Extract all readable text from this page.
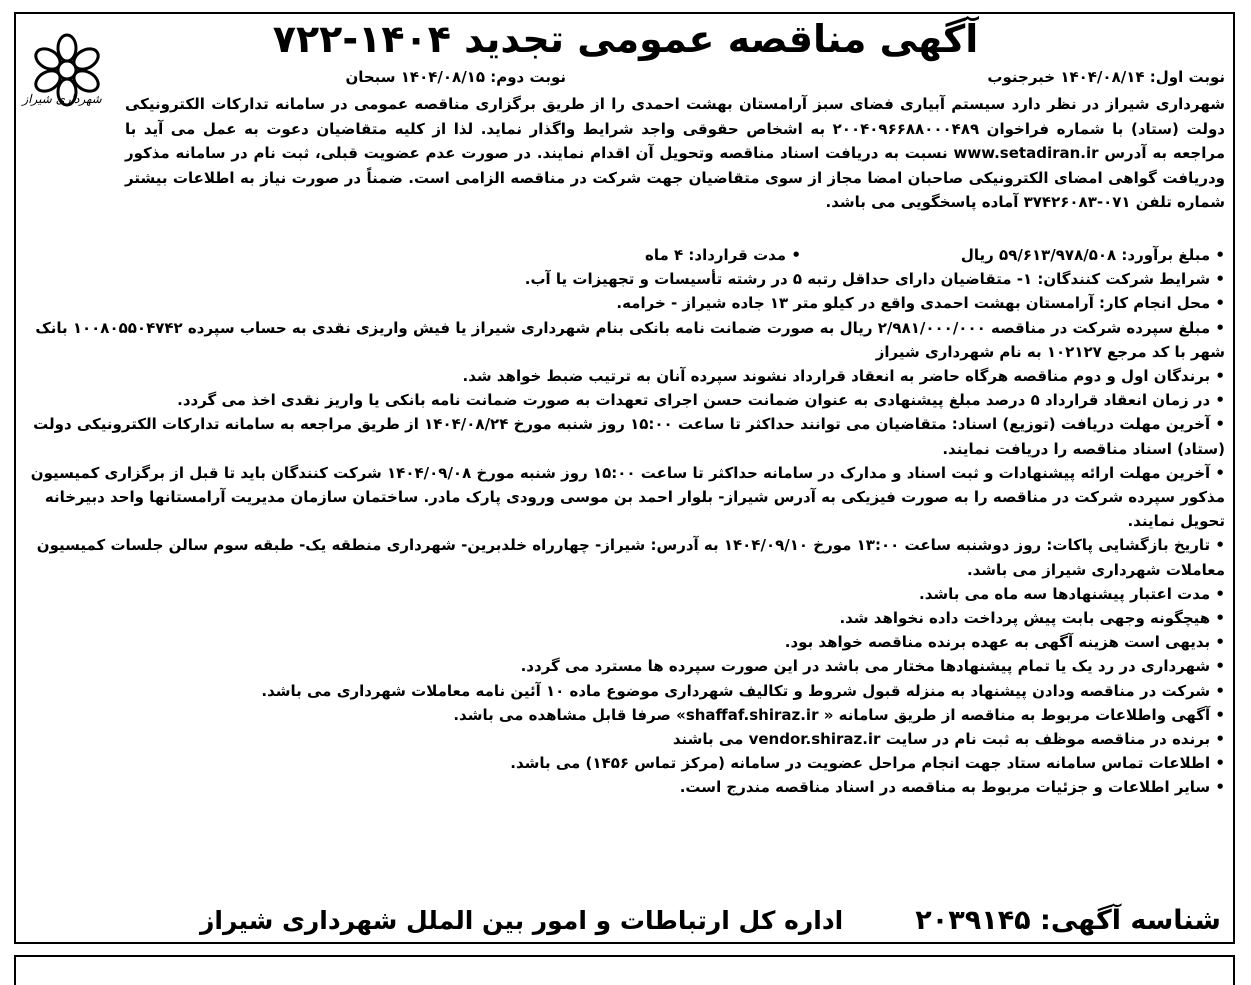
شهرداری شیراز
آگهی مناقصه عمومی تجدید ۱۴۰۴-۷۲۲
نوبت اول: ۱۴۰۴/۰۸/۱۴ خبرجنوب
نوبت دوم: ۱۴۰۴/۰۸/۱۵ سبحان
شهرداری شیراز در نظر دارد سیستم آبیاری فضای سبز آرامستان بهشت احمدی را از طریق برگزاری مناقصه عمومی در سامانه تدارکات الکترونیکی دولت (ستاد) با شماره فراخوان ۲۰۰۴۰۹۶۶۸۸۰۰۰۴۸۹ به اشخاص حقوقی واجد شرایط واگذار نماید. لذا از کلیه متقاضیان دعوت به عمل می آید با مراجعه به آدرس www.setadiran.ir نسبت به دریافت اسناد مناقصه وتحویل آن اقدام نمایند. در صورت عدم عضویت قبلی، ثبت نام در سامانه مذکور ودریافت گواهی امضای الکترونیکی صاحبان امضا مجاز از سوی متقاضیان جهت شرکت در مناقصه الزامی است. ضمناً در صورت نیاز به اطلاعات بیشتر شماره تلفن ۰۷۱-۳۷۴۲۶۰۸۳ آماده پاسخگویی می باشد.
• مبلغ برآورد: ۵۹/۶۱۳/۹۷۸/۵۰۸ ریال
• مدت قرارداد: ۴ ماه
• شرایط شرکت کنندگان: ۱- متقاضیان دارای حداقل رتبه ۵ در رشته تأسیسات و تجهیزات یا آب.
• محل انجام کار: آرامستان بهشت احمدی واقع در کیلو متر ۱۳ جاده شیراز - خرامه.
• مبلغ سپرده شرکت در مناقصه ۲/۹۸۱/۰۰۰/۰۰۰ ریال به صورت ضمانت نامه بانکی بنام شهرداری شیراز یا فیش واریزی نقدی به حساب سپرده ۱۰۰۸۰۵۵۰۴۷۴۲ بانک شهر با کد مرجع ۱۰۲۱۲۷ به نام شهرداری شیراز
• برندگان اول و دوم مناقصه هرگاه حاضر به انعقاد قرارداد نشوند سپرده آنان به ترتیب ضبط خواهد شد.
• در زمان انعقاد قرارداد ۵ درصد مبلغ پیشنهادی به عنوان ضمانت حسن اجرای تعهدات به صورت ضمانت نامه بانکی یا واریز نقدی اخذ می گردد.
• آخرین مهلت دریافت (توزیع) اسناد: متقاضیان می توانند حداکثر تا ساعت ۱۵:۰۰ روز شنبه مورخ ۱۴۰۴/۰۸/۲۴ از طریق مراجعه به سامانه تدارکات الکترونیکی دولت (ستاد) اسناد مناقصه را دریافت نمایند.
• آخرین مهلت ارائه پیشنهادات و ثبت اسناد و مدارک در سامانه حداکثر تا ساعت ۱۵:۰۰ روز شنبه مورخ ۱۴۰۴/۰۹/۰۸ شرکت کنندگان باید تا قبل از برگزاری کمیسیون مذکور سپرده شرکت در مناقصه را به صورت فیزیکی به آدرس شیراز- بلوار احمد بن موسی ورودی پارک مادر. ساختمان سازمان مدیریت آرامستانها واحد دبیرخانه تحویل نمایند.
• تاریخ بازگشایی پاکات: روز دوشنبه ساعت ۱۳:۰۰ مورخ ۱۴۰۴/۰۹/۱۰ به آدرس: شیراز- چهارراه خلدبرین- شهرداری منطقه یک- طبقه سوم سالن جلسات کمیسیون معاملات شهرداری شیراز می باشد.
• مدت اعتبار پیشنهادها سه ماه می باشد.
• هیچگونه وجهی بابت پیش پرداخت داده نخواهد شد.
• بدیهی است هزینه آگهی به عهده برنده مناقصه خواهد بود.
• شهرداری در رد یک یا تمام پیشنهادها مختار می باشد در این صورت سپرده ها مسترد می گردد.
• شرکت در مناقصه ودادن پیشنهاد به منزله قبول شروط و تکالیف شهرداری موضوع ماده ۱۰ آئین نامه معاملات شهرداری می باشد.
• آگهی واطلاعات مربوط به مناقصه از طریق سامانه « shaffaf.shiraz.ir» صرفا قابل مشاهده می باشد.
• برنده در مناقصه موظف به ثبت نام در سایت vendor.shiraz.ir می باشند
• اطلاعات تماس سامانه ستاد جهت انجام مراحل عضویت در سامانه (مرکز تماس ۱۴۵۶) می باشد.
• سایر اطلاعات و جزئیات مربوط به مناقصه در اسناد مناقصه مندرج است.
شناسه آگهی: ۲۰۳۹۱۴۵
اداره کل ارتباطات و امور بین الملل شهرداری شیراز
